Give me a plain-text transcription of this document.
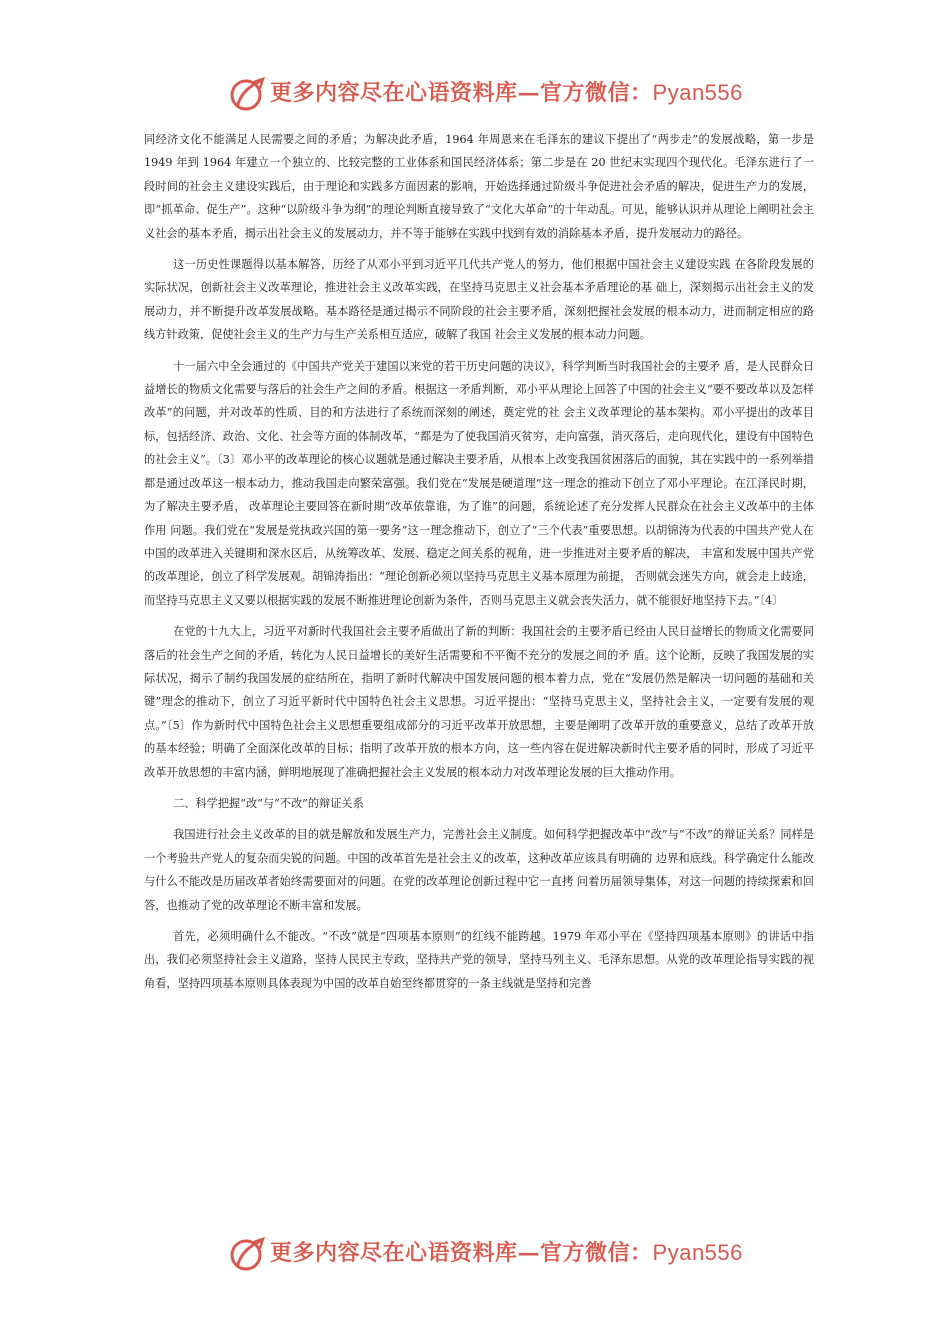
更多内容尽在心语资料库—官方微信：Pyan556

同经济文化不能满足人民需要之间的矛盾；为解决此矛盾，1964 年周恩来在毛泽东的建议下提出了“两步走”的发展战略，第一步是 1949 年到 1964 年建立一个独立的、比较完整的工业体系和国民经济体系；第二步是在 20 世纪末实现四个现代化。毛泽东进行了一段时间的社会主义建设实践后，由于理论和实践多方面因素的影响，开始选择通过阶级斗争促进社会矛盾的解决，促进生产力的发展，即“抓革命、促生产”。这种“以阶级斗争为纲”的理论判断直接导致了“文化大革命”的十年动乱。可见，能够认识并从理论上阐明社会主义社会的基本矛盾，揭示出社会主义的发展动力，并不等于能够在实践中找到有效的消除基本矛盾，提升发展动力的路径。

这一历史性课题得以基本解答，历经了从邓小平到习近平几代共产党人的努力，他们根据中国社会主义建设实践 在各阶段发展的实际状况，创新社会主义改革理论，推进社会主义改革实践，在坚持马克思主义社会基本矛盾理论的基 础上，深刻揭示出社会主义的发展动力，并不断提升改革发展战略。基本路径是通过揭示不同阶段的社会主要矛盾，深刻把握社会发展的根本动力，进而制定相应的路线方针政策，促使社会主义的生产力与生产关系相互适应，破解了我国 社会主义发展的根本动力问题。

十一届六中全会通过的《中国共产党关于建国以来党的若干历史问题的决议》，科学判断当时我国社会的主要矛 盾，是人民群众日益增长的物质文化需要与落后的社会生产之间的矛盾。根据这一矛盾判断，邓小平从理论上回答了中国的社会主义“要不要改革以及怎样改革”的问题，并对改革的性质、目的和方法进行了系统而深刻的阐述，奠定党的社 会主义改革理论的基本架构。邓小平提出的改革目标，包括经济、政治、文化、社会等方面的体制改革，“都是为了使我国消灭贫穷，走向富强，消灭落后，走向现代化，建设有中国特色的社会主义”。〔3〕邓小平的改革理论的核心议题就是通过解决主要矛盾，从根本上改变我国贫困落后的面貌，其在实践中的一系列举措都是通过改革这一根本动力，推动我国走向繁荣富强。我们党在“发展是硬道理”这一理念的推动下创立了邓小平理论。在江泽民时期，为了解决主要矛盾， 改革理论主要回答在新时期“改革依靠谁，为了谁”的问题，系统论述了充分发挥人民群众在社会主义改革中的主体作用 问题。我们党在“发展是党执政兴国的第一要务”这一理念推动下，创立了“三个代表”重要思想。以胡锦涛为代表的中国共产党人在中国的改革进入关键期和深水区后，从统筹改革、发展、稳定之间关系的视角，进一步推进对主要矛盾的解决， 丰富和发展中国共产党的改革理论，创立了科学发展观。胡锦涛指出：“理论创新必须以坚持马克思主义基本原理为前提， 否则就会迷失方向，就会走上歧途，而坚持马克思主义又要以根据实践的发展不断推进理论创新为条件，否则马克思主义就会丧失活力，就不能很好地坚持下去。”〔4〕

在党的十九大上，习近平对新时代我国社会主要矛盾做出了新的判断：我国社会的主要矛盾已经由人民日益增长的物质文化需要同落后的社会生产之间的矛盾，转化为人民日益增长的美好生活需要和不平衡不充分的发展之间的矛 盾。这个论断，反映了我国发展的实际状况，揭示了制约我国发展的症结所在，指明了新时代解决中国发展问题的根本着力点，党在“发展仍然是解决一切问题的基础和关键”理念的推动下，创立了习近平新时代中国特色社会主义思想。习近平提出：“坚持马克思主义，坚持社会主义，一定要有发展的观点。”〔5〕作为新时代中国特色社会主义思想重要组成部分的习近平改革开放思想，主要是阐明了改革开放的重要意义，总结了改革开放的基本经验；明确了全面深化改革的目标；指明了改革开放的根本方向，这一些内容在促进解决新时代主要矛盾的同时，形成了习近平改革开放思想的丰富内涵，鲜明地展现了准确把握社会主义发展的根本动力对改革理论发展的巨大推动作用。

二、科学把握“改”与“不改”的辩证关系

我国进行社会主义改革的目的就是解放和发展生产力，完善社会主义制度。如何科学把握改革中“改”与“不改”的辩证关系？同样是一个考验共产党人的复杂而尖锐的问题。中国的改革首先是社会主义的改革，这种改革应该具有明确的 边界和底线。科学确定什么能改与什么不能改是历届改革者始终需要面对的问题。在党的改革理论创新过程中它一直拷 问着历届领导集体，对这一问题的持续探索和回答，也推动了党的改革理论不断丰富和发展。

首先，必须明确什么不能改。“不改”就是“四项基本原则”的红线不能跨越。1979 年邓小平在《坚持四项基本原则》的讲话中指出，我们必须坚持社会主义道路，坚持人民民主专政，坚持共产党的领导，坚持马列主义、毛泽东思想。从党的改革理论指导实践的视角看，坚持四项基本原则具体表现为中国的改革自始至终都贯穿的一条主线就是坚持和完善

更多内容尽在心语资料库—官方微信：Pyan556
